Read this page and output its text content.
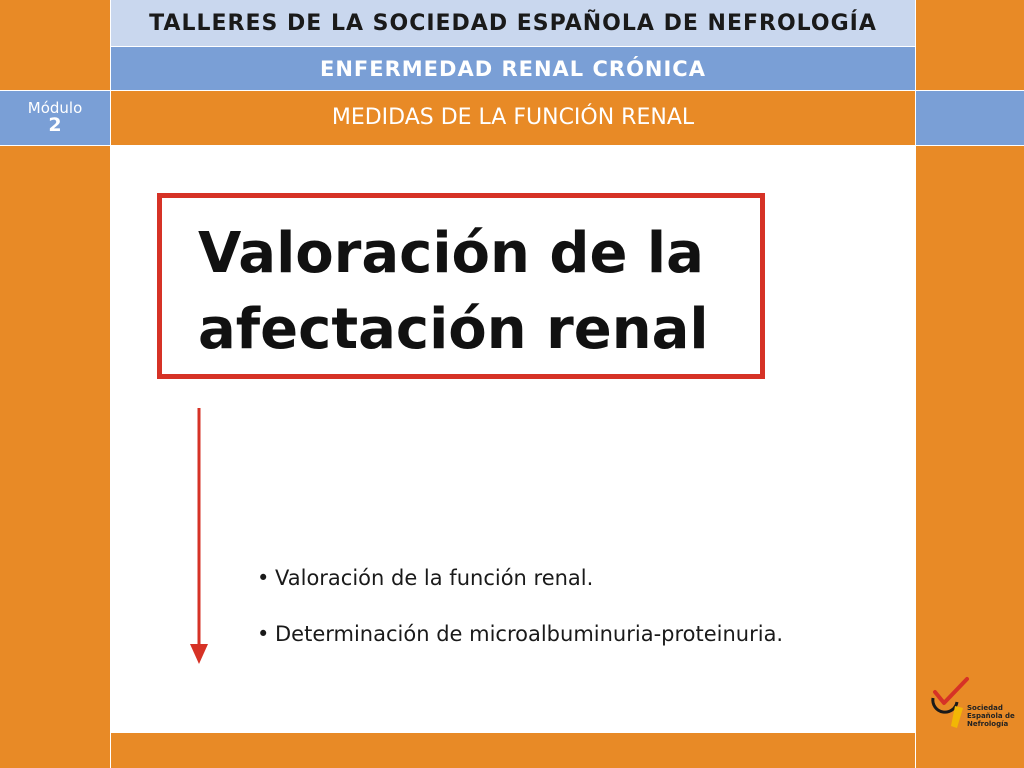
TALLERES DE LA SOCIEDAD ESPAÑOLA DE NEFROLOGÍA
ENFERMEDAD RENAL CRÓNICA
MEDIDAS DE LA FUNCIÓN RENAL
Módulo
2
Valoración de la
afectación renal
• Valoración de la función renal.
• Determinación de microalbuminuria-proteinuria.
Sociedad
Española de
Nefrología
